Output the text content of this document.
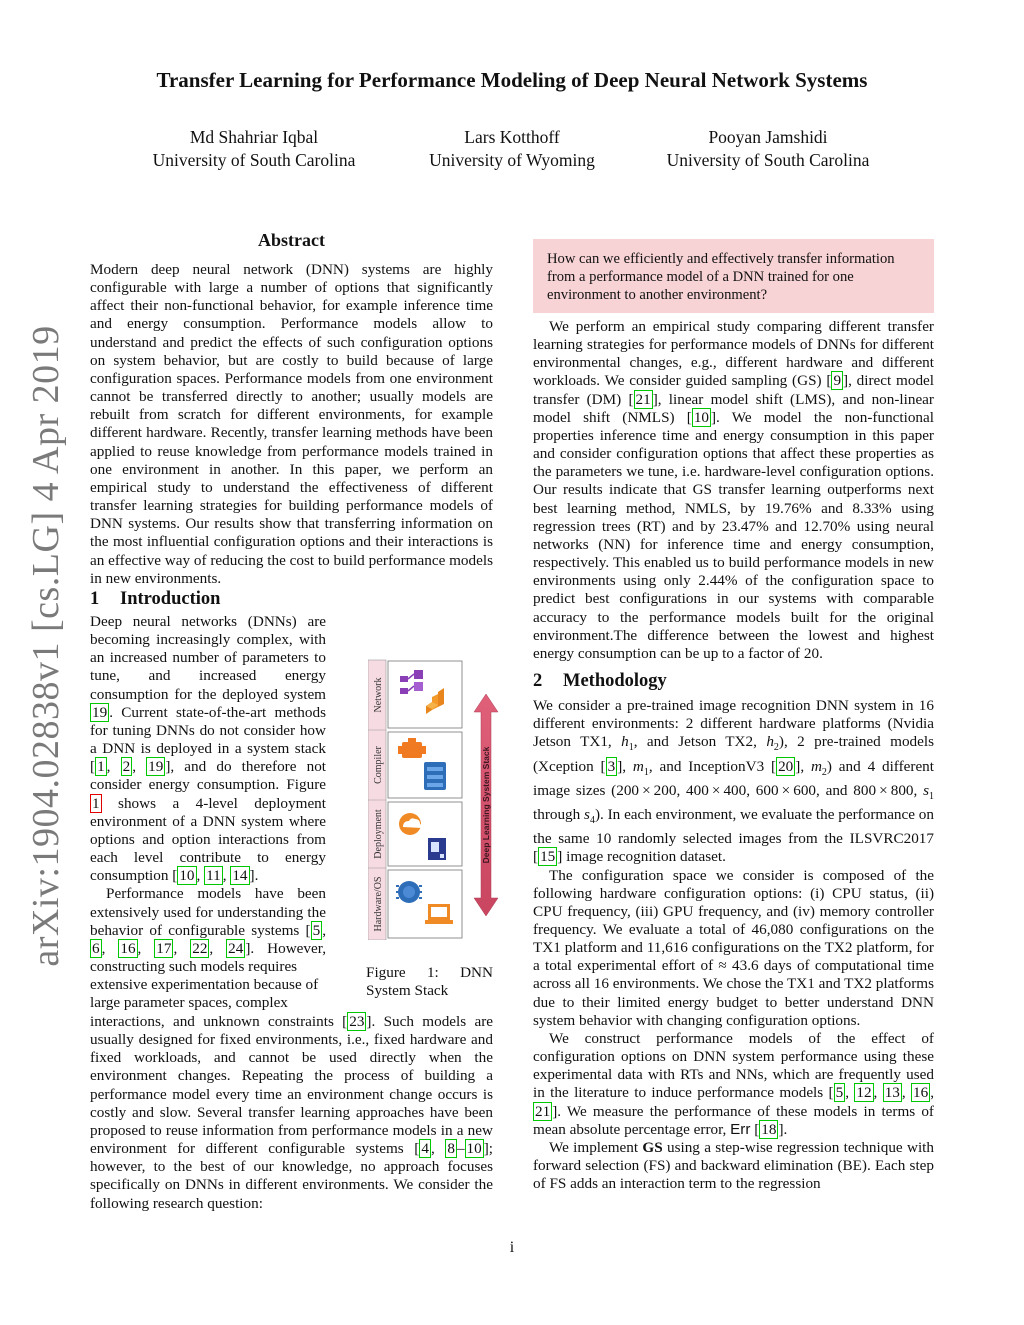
Transfer Learning for Performance Modeling of Deep Neural Network Systems
Md Shahriar Iqbal
University of South Carolina
Lars Kotthoff
University of Wyoming
Pooyan Jamshidi
University of South Carolina
arXiv:1904.02838v1 [cs.LG] 4 Apr 2019
Abstract

Modern deep neural network (DNN) systems are highly configurable with large a number of options that significantly affect their non-functional behavior, for example inference time and energy consumption. Performance models allow to understand and predict the effects of such configuration options on system behavior, but are costly to build because of large configuration spaces. Performance models from one environment cannot be transferred directly to another; usually models are rebuilt from scratch for different environments, for example different hardware. Recently, transfer learning methods have been applied to reuse knowledge from performance models trained in one environment in another. In this paper, we perform an empirical study to understand the effectiveness of different transfer learning strategies for building performance models of DNN systems. Our results show that transferring information on the most influential configuration options and their interactions is an effective way of reducing the cost to build performance models in new environments.

1 Introduction

Deep neural networks (DNNs) are becoming increasingly complex, with an increased number of parameters to tune, and increased energy consumption for the deployed system 19 . Current state-of-the-art methods for tuning DNNs do not consider how a DNN is deployed in a system stack [ 1 , 2 , 19 ], and do therefore not consider energy consumption. Figure 1 shows a 4-level deployment environment of a DNN system where options and option interactions from each level contribute to energy consumption [ 10 , 11 , 14 ].

Performance models have been extensively used for understanding the behavior of configurable systems [ 5 , 6 , 16 , 17 , 22 , 24 ]. However, constructing such models requires

extensive experimentation because of large parameter spaces, complex

interactions, and unknown constraints [ 23 ]. Such models are usually designed for fixed environments, i.e., fixed hardware and fixed workloads, and cannot be used directly when the environment changes. Repeating the process of building a performance model every time an environment change occurs is costly and slow. Several transfer learning approaches have been proposed to reuse information from performance models in a new environment for different configurable systems [ 4 , 8 – 10 ]; however, to the best of our knowledge, no approach focuses specifically on DNNs in different environments. We consider the following research question:

Network
Compiler
Deployment
Hardware/OS
Deep Learning System Stack
Figure 1: DNN System Stack

How can we efficiently and effectively transfer information from a performance model of a DNN trained for one environment to another environment?

We perform an empirical study comparing different transfer learning strategies for performance models of DNNs for different environmental changes, e.g., different hardware and different workloads. We consider guided sampling (GS) [ 9 ], direct model transfer (DM) [ 21 ], linear model shift (LMS), and non-linear model shift (NMLS) [ 10 ]. We model the non-functional properties inference time and energy consumption in this paper and consider configuration options that affect these properties as the parameters we tune, i.e. hardware-level configuration options. Our results indicate that GS transfer learning outperforms next best learning method, NMLS, by 19.76% and 8.33% using regression trees (RT) and by 23.47% and 12.70% using neural networks (NN) for inference time and energy consumption, respectively. This enabled us to build performance models in new environments using only 2.44% of the configuration space to predict best configurations in our systems with comparable accuracy to the performance models built for the original environment.The difference between the lowest and highest energy consumption can be up to a factor of 20.

2 Methodology

We consider a pre-trained image recognition DNN system in 16 different environments: 2 different hardware platforms (Nvidia Jetson TX1, $h_1$, and Jetson TX2, $h_2$), 2 pre-trained models (Xception [ 3 ], $m_1$, and InceptionV3 [ 20 ], $m_2$) and 4 different image sizes (200 × 200, 400 × 400, 600 × 600, and 800 × 800, $s_1$ through $s_4$). In each environment, we evaluate the performance on the same 10 randomly selected images from the ILSVRC2017 [ 15 ] image recognition dataset.

The configuration space we consider is composed of the following hardware configuration options: (i) CPU status, (ii) CPU frequency, (iii) GPU frequency, and (iv) memory controller frequency. We evaluate a total of 46,080 configurations on the TX1 platform and 11,616 configurations on the TX2 platform, for a total experimental effort of ≈ 43.6 days of computational time across all 16 environments. We chose the TX1 and TX2 platforms due to their limited energy budget to better understand DNN system behavior with changing configuration options.

We construct performance models of the effect of configuration options on DNN system performance using these experimental data with RTs and NNs, which are frequently used in the literature to induce performance models [ 5 , 12 , 13 , 16 , 21 ]. We measure the performance of these models in terms of mean absolute percentage error, Err [ 18 ].

We implement GS using a step-wise regression technique with forward selection (FS) and backward elimination (BE). Each step of FS adds an interaction term to the regression

i
